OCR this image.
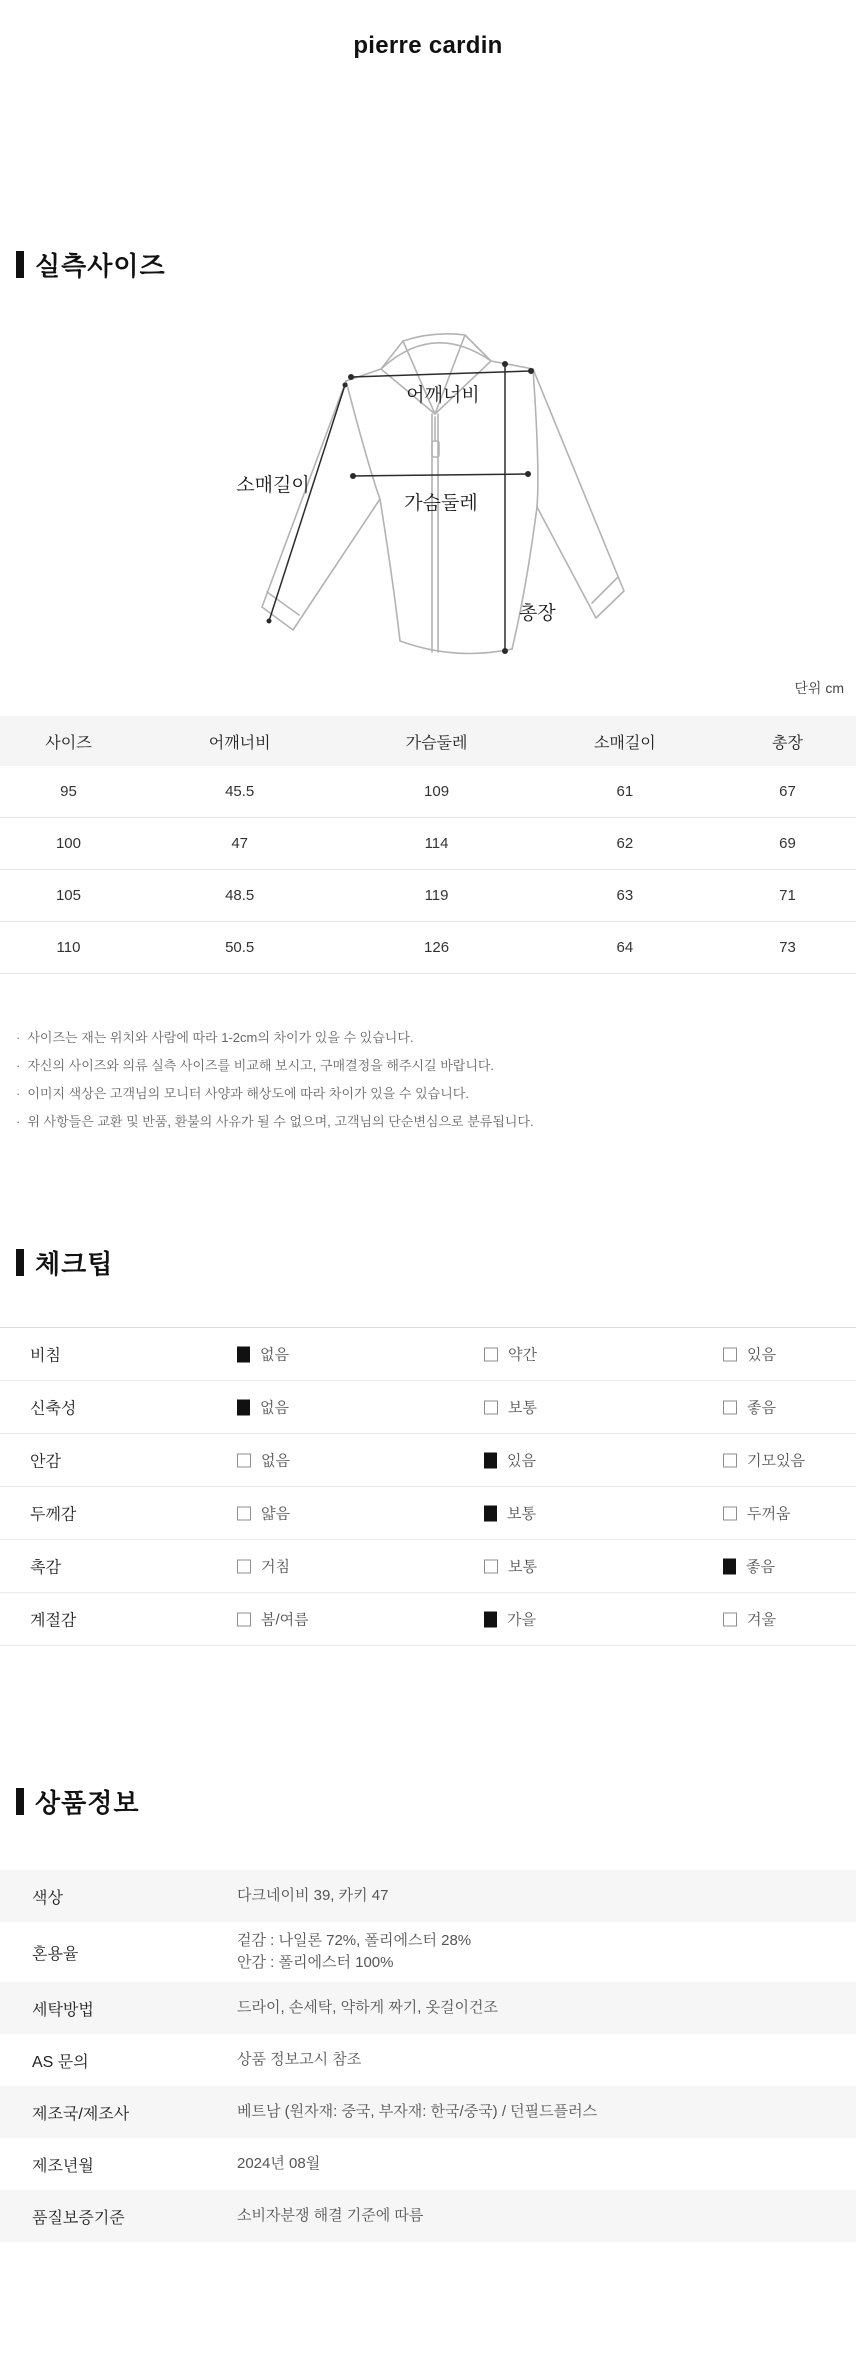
pierre cardin
실측사이즈
어깨너비
소매길이
가슴둘레
총장
단위 cm
사이즈	어깨너비	가슴둘레	소매길이	총장
95	45.5	109	61	67
100	47	114	62	69
105	48.5	119	63	71
110	50.5	126	64	73
· 사이즈는 재는 위치와 사람에 따라 1-2cm의 차이가 있을 수 있습니다.
· 자신의 사이즈와 의류 실측 사이즈를 비교해 보시고, 구매결정을 해주시길 바랍니다.
· 이미지 색상은 고객님의 모니터 사양과 해상도에 따라 차이가 있을 수 있습니다.
· 위 사항들은 교환 및 반품, 환불의 사유가 될 수 없으며, 고객님의 단순변심으로 분류됩니다.
체크팁
비침	없음	약간	있음
신축성	없음	보통	좋음
안감	없음	있음	기모있음
두께감	얇음	보통	두꺼움
촉감	거침	보통	좋음
계절감	봄/여름	가을	겨울
상품정보
색상	다크네이비 39, 카키 47
혼용율
겉감 : 나일론 72%, 폴리에스터 28%
안감 : 폴리에스터 100%
세탁방법	드라이, 손세탁, 약하게 짜기, 옷걸이건조
AS 문의	상품 정보고시 참조
제조국/제조사	베트남 (원자재: 중국, 부자재: 한국/중국) / 던필드플러스
제조년월	2024년 08월
품질보증기준	소비자분쟁 해결 기준에 따름
